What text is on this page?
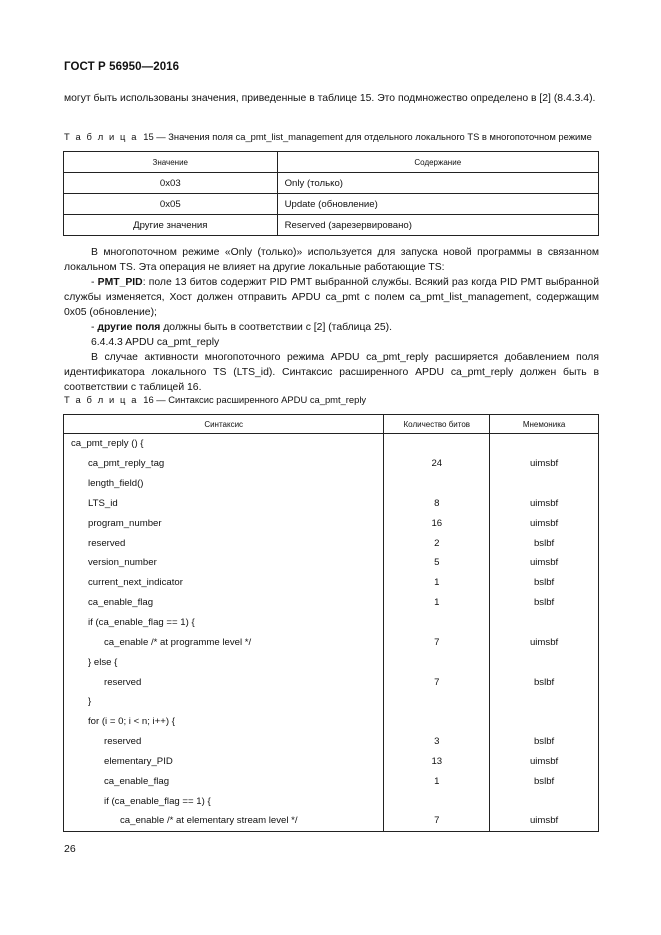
ГОСТ Р 56950—2016
могут быть использованы значения, приведенные в таблице 15. Это подмножество определено в [2] (8.4.3.4).
Т а б л и ц а 15 — Значения поля ca_pmt_list_management для отдельного локального TS в многопоточном режиме
Значение	Содержание
0x03	Only (только)
0x05	Update (обновление)
Другие значения	Reserved (зарезервировано)
В многопоточном режиме «Only (только)» используется для запуска новой программы в связанном локальном TS. Эта операция не влияет на другие локальные работающие TS:
- PMT_PID: поле 13 битов содержит PID PMT выбранной службы. Всякий раз когда PID PMT выбранной службы изменяется, Хост должен отправить APDU ca_pmt с полем ca_pmt_list_management, содержащим 0x05 (обновление);
- другие поля должны быть в соответствии с [2] (таблица 25).
6.4.4.3 APDU ca_pmt_reply
В случае активности многопоточного режима APDU ca_pmt_reply расширяется добавлением поля идентификатора локального TS (LTS_id). Синтаксис расширенного APDU ca_pmt_reply должен быть в соответствии с таблицей 16.
Т а б л и ц а 16 — Синтаксис расширенного APDU ca_pmt_reply
Синтаксис	Количество битов	Мнемоника
ca_pmt_reply () {		
ca_pmt_reply_tag	24	uimsbf
length_field()		
LTS_id	8	uimsbf
program_number	16	uimsbf
reserved	2	bslbf
version_number	5	uimsbf
current_next_indicator	1	bslbf
ca_enable_flag	1	bslbf
if (ca_enable_flag == 1) {		
ca_enable /* at programme level */	7	uimsbf
} else {		
reserved	7	bslbf
}		
for (i = 0; i < n; i++) {		
reserved	3	bslbf
elementary_PID	13	uimsbf
ca_enable_flag	1	bslbf
if (ca_enable_flag == 1) {		
ca_enable /* at elementary stream level */	7	uimsbf
26
